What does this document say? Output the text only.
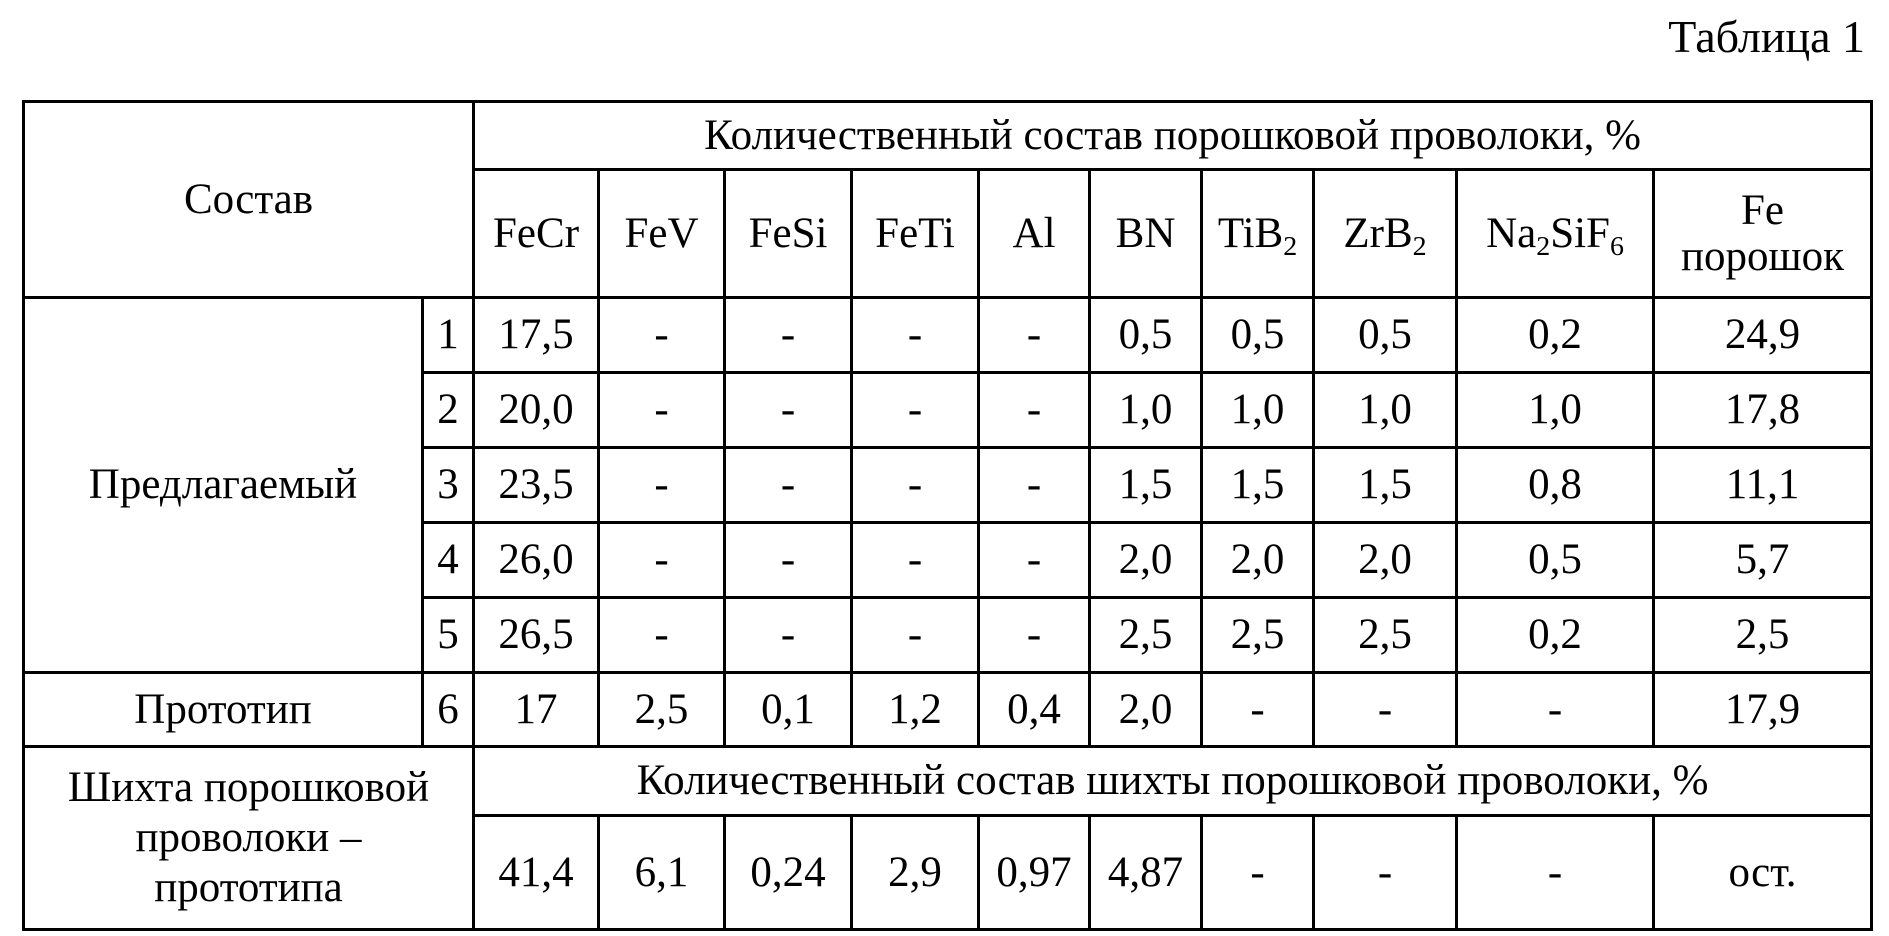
Таблица 1
Состав		Количественный состав порошковой проволоки, %									
		FeCr	FeV	FeSi	FeTi	Al	BN	TiB$_2$	ZrB$_2$	$Na_2SiF_6$	Fe
порошок
Предлагаемый	1	17,5	-	-	-	-	0,5	0,5	0,5	0,2	24,9
	2	20,0	-	-	-	-	1,0	1,0	1,0	1,0	17,8
	3	23,5	-	-	-	-	1,5	1,5	1,5	0,8	11,1
	4	26,0	-	-	-	-	2,0	2,0	2,0	0,5	5,7
	5	26,5	-	-	-	-	2,5	2,5	2,5	0,2	2,5
Прототип	6	17	2,5	0,1	1,2	0,4	2,0	-	-	-	17,9
Шихта порошковой
проволоки –
прототипа		Количественный состав шихты порошковой проволоки, %									
		41,4	6,1	0,24	2,9	0,97	4,87	-	-	-	ост.
